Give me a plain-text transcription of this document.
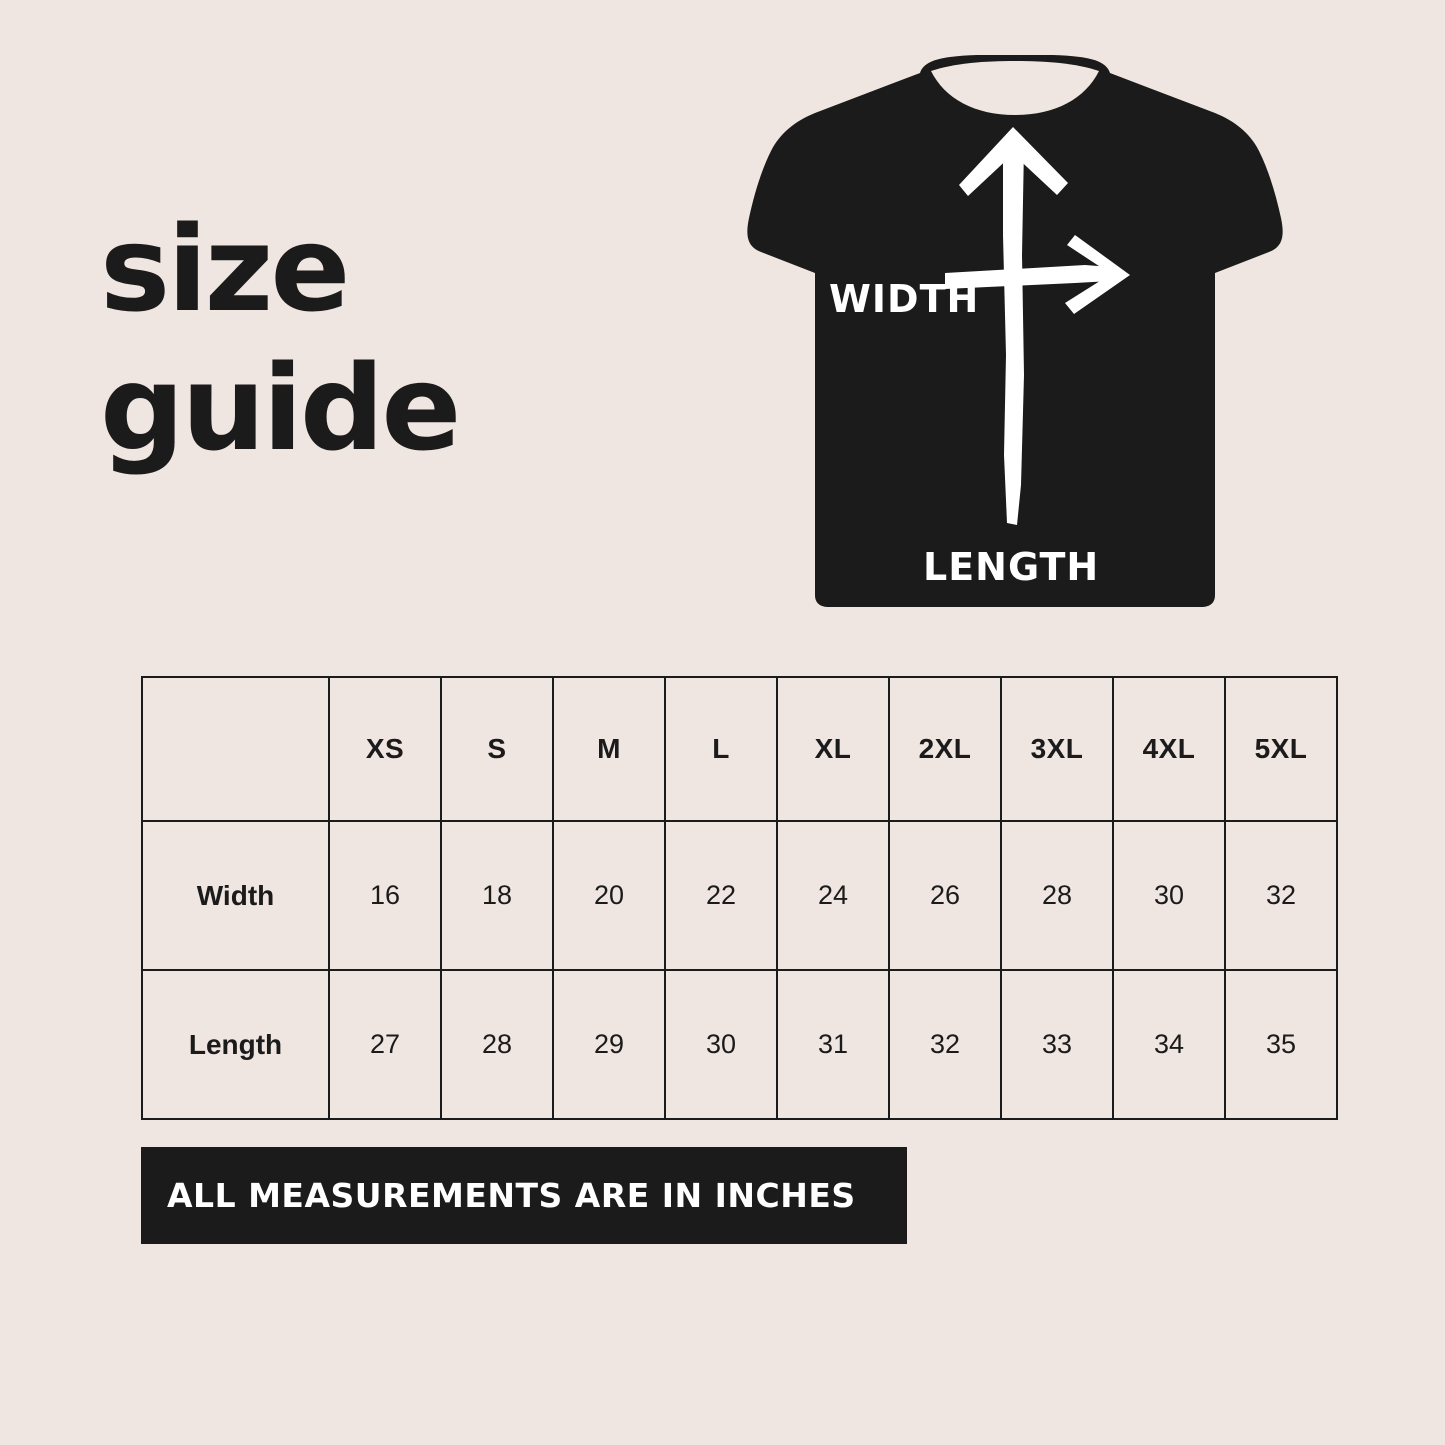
size
guide
WIDTH
LENGTH
	XS	S	M	L	XL	2XL	3XL	4XL	5XL
Width	16	18	20	22	24	26	28	30	32
Length	27	28	29	30	31	32	33	34	35
ALL MEASUREMENTS ARE IN INCHES
